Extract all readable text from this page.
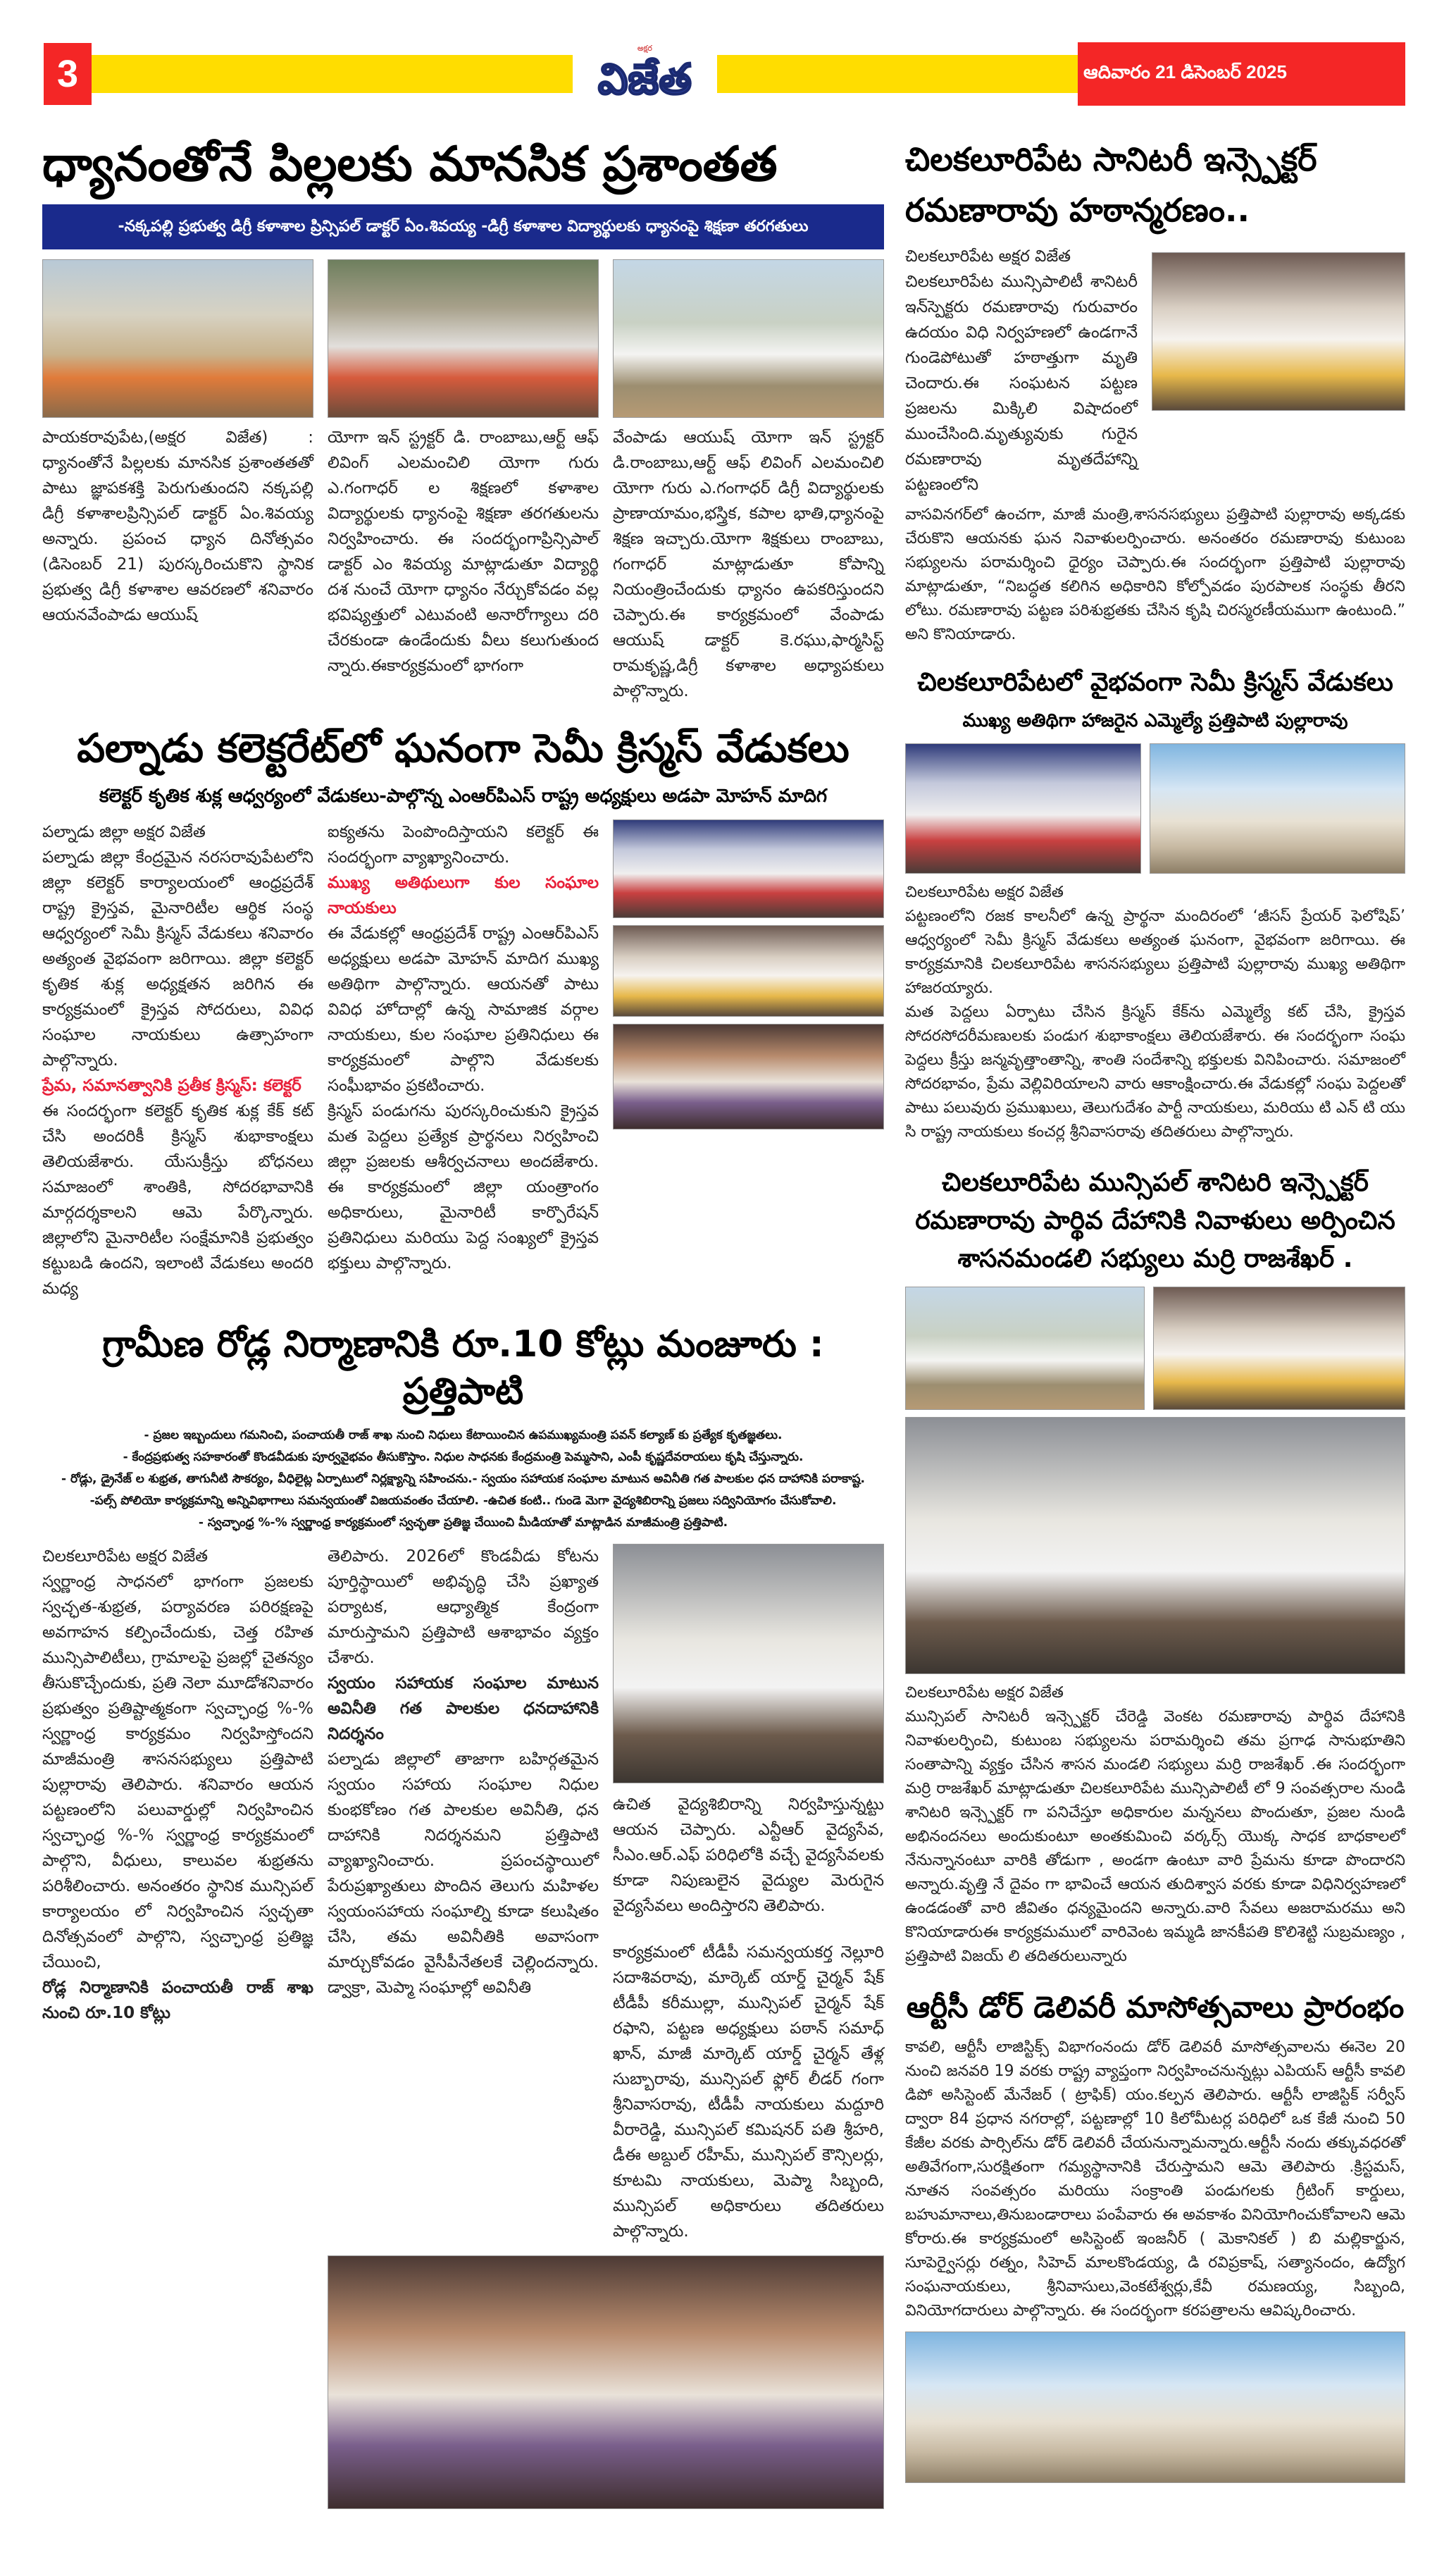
3
అక్షర
విజేత	ఆదివారం 21 డిసెంబర్ 2025
ధ్యానంతోనే పిల్లలకు మానసిక ప్రశాంతత
-నక్కపల్లి ప్రభుత్వ డిగ్రీ కళాశాల ప్రిన్సిపల్ డాక్టర్ ఏం.శివయ్య -డిగ్రీ కళాశాల విద్యార్థులకు ధ్యానంపై శిక్షణా తరగతులు

పాయకరావుపేట,(అక్షర విజేత) : ధ్యానంతోనే పిల్లలకు మానసిక ప్రశాంతతతో పాటు జ్ఞాపకశక్తి పెరుగుతుందని నక్కపల్లి డిగ్రీ కళాశాలప్రిన్సిపల్ డాక్టర్ ఏం.శివయ్య అన్నారు. ప్రపంచ ధ్యాన దినోత్సవం (డిసెంబర్ 21) పురస్కరించుకొని స్థానిక ప్రభుత్వ డిగ్రీ కళాశాల ఆవరణలో శనివారం ఆయనవేంపాడు ఆయుష్

యోగా ఇన్ స్ట్రక్టర్ డి. రాంబాబు,ఆర్ట్ ఆఫ్ లివింగ్ ఎలమంచిలి యోగా గురు ఎ.గంగాధర్ ల శిక్షణలో కళాశాల విద్యార్థులకు ధ్యానంపై శిక్షణా తరగతులను నిర్వహించారు. ఈ సందర్భంగాప్రిన్సిపాల్ డాక్టర్ ఎం శివయ్య మాట్లాడుతూ విద్యార్థి దశ నుంచే యోగా ధ్యానం నేర్చుకోవడం వల్ల భవిష్యత్తులో ఎటువంటి అనారోగ్యాలు దరి చేరకుండా ఉండేందుకు వీలు కలుగుతుంద న్నారు.ఈకార్యక్రమంలో భాగంగా

వేంపాడు ఆయుష్ యోగా ఇన్ స్ట్రక్టర్ డి.రాంబాబు,ఆర్ట్ ఆఫ్ లివింగ్ ఎలమంచిలి యోగా గురు ఎ.గంగాధర్ డిగ్రీ విద్యార్థులకు ప్రాణాయామం,భస్త్రిక, కపాల భాతి,ధ్యానంపై శిక్షణ ఇచ్చారు.యోగా శిక్షకులు రాంబాబు, గంగాధర్ మాట్లాడుతూ కోపాన్ని నియంత్రించేందుకు ధ్యానం ఉపకరిస్తుందని చెప్పారు.ఈ కార్యక్రమంలో వేంపాడు ఆయుష్ డాక్టర్ కె.రఘు,ఫార్మసిస్ట్ రామకృష్ణ,డిగ్రీ కళాశాల అధ్యాపకులు పాల్గొన్నారు.

పల్నాడు కలెక్టరేట్‌లో ఘనంగా సెమీ క్రిస్మస్ వేడుకలు
కలెక్టర్ కృతిక శుక్ల ఆధ్వర్యంలో వేడుకలు-పాల్గొన్న ఎంఆర్‌పిఎస్ రాష్ట్ర అధ్యక్షులు అడపా మోహన్ మాదిగ

పల్నాడు జిల్లా అక్షర విజేత

పల్నాడు జిల్లా కేంద్రమైన నరసరావుపేటలోని జిల్లా కలెక్టర్ కార్యాలయంలో ఆంధ్రప్రదేశ్ రాష్ట్ర క్రైస్తవ, మైనారిటీల ఆర్థిక సంస్థ ఆధ్వర్యంలో సెమీ క్రిస్మస్ వేడుకలు శనివారం అత్యంత వైభవంగా జరిగాయి. జిల్లా కలెక్టర్ కృతిక శుక్ల అధ్యక్షతన జరిగిన ఈ కార్యక్రమంలో క్రైస్తవ సోదరులు, వివిధ సంఘాల నాయకులు ఉత్సాహంగా పాల్గొన్నారు.

ప్రేమ, సమానత్వానికి ప్రతీక క్రిస్మస్: కలెక్టర్

ఈ సందర్భంగా కలెక్టర్ కృతిక శుక్ల కేక్ కట్ చేసి అందరికీ క్రిస్మస్ శుభాకాంక్షలు తెలియజేశారు. యేసుక్రీస్తు బోధనలు సమాజంలో శాంతికి, సోదరభావానికి మార్గదర్శకాలని ఆమె పేర్కొన్నారు. జిల్లాలోని మైనారిటీల సంక్షేమానికి ప్రభుత్వం కట్టుబడి ఉందని, ఇలాంటి వేడుకలు అందరి మధ్య

ఐక్యతను పెంపొందిస్తాయని కలెక్టర్ ఈ సందర్భంగా వ్యాఖ్యానించారు.

ముఖ్య అతిథులుగా కుల సంఘాల నాయకులు

ఈ వేడుకల్లో ఆంధ్రప్రదేశ్ రాష్ట్ర ఎంఆర్‌పిఎస్ అధ్యక్షులు అడపా మోహన్ మాదిగ ముఖ్య అతిథిగా పాల్గొన్నారు. ఆయనతో పాటు వివిధ హోదాల్లో ఉన్న సామాజిక వర్గాల నాయకులు, కుల సంఘాల ప్రతినిధులు ఈ కార్యక్రమంలో పాల్గొని వేడుకలకు సంఘీభావం ప్రకటించారు.

క్రిస్మస్ పండుగను పురస్కరించుకుని క్రైస్తవ మత పెద్దలు ప్రత్యేక ప్రార్థనలు నిర్వహించి జిల్లా ప్రజలకు ఆశీర్వచనాలు అందజేశారు. ఈ కార్యక్రమంలో జిల్లా యంత్రాంగం అధికారులు, మైనారిటీ కార్పొరేషన్ ప్రతినిధులు మరియు పెద్ద సంఖ్యలో క్రైస్తవ భక్తులు పాల్గొన్నారు.

గ్రామీణ రోడ్ల నిర్మాణానికి రూ.10 కోట్లు మంజూరు : ప్రత్తిపాటి
- ప్రజల ఇబ్బందులు గమనించి, పంచాయతీ రాజ్ శాఖ నుంచి నిధులు కేటాయించిన ఉపముఖ్యమంత్రి పవన్ కల్యాణ్ కు ప్రత్యేక కృతజ్ఞతలు.
- కేంద్రప్రభుత్వ సహకారంతో కొండవీడుకు పూర్వవైభవం తీసుకొస్తాం. నిధుల సాధనకు కేంద్రమంత్రి పెమ్మసాని, ఎంపీ కృష్ణదేవరాయలు కృషి చేస్తున్నారు.
- రోడ్లు, డ్రైనేజ్ ల శుభ్రత, తాగునీటి సౌకర్యం, వీధిలైట్ల ఏర్పాటులో నిర్లక్ష్యాన్ని సహించను.- స్వయం సహాయక సంఘాల మాటున అవినీతి గత పాలకుల ధన దాహానికి పరాకాష్ట.
-పల్స్ పోలియో కార్యక్రమాన్ని అన్నివిభాగాలు సమన్వయంతో విజయవంతం చేయాలి. -ఉచిత కంటి.. గుండె మెగా వైద్యశిబిరాన్ని ప్రజలు సద్వినియోగం చేసుకోవాలి.
- స్వచ్ఛాంధ్ర %-% స్వర్ణాంధ్ర కార్యక్రమంలో స్వచ్ఛతా ప్రతిజ్ఞ చేయించి మీడియాతో మాట్లాడిన మాజీమంత్రి ప్రత్తిపాటి.

చిలకలూరిపేట అక్షర విజేత

స్వర్ణాంధ్ర సాధనలో భాగంగా ప్రజలకు స్వచ్ఛత-శుభ్రత, పర్యావరణ పరిరక్షణపై అవగాహన కల్పించేందుకు, చెత్త రహిత మున్సిపాలిటీలు, గ్రామాలపై ప్రజల్లో చైతన్యం తీసుకొచ్చేందుకు, ప్రతి నెలా మూడోశనివారం ప్రభుత్వం ప్రతిష్టాత్మకంగా స్వచ్ఛాంధ్ర %-% స్వర్ణాంధ్ర కార్యక్రమం నిర్వహిస్తోందని మాజీమంత్రి శాసనసభ్యులు ప్రత్తిపాటి పుల్లారావు తెలిపారు. శనివారం ఆయన పట్టణంలోని పలువార్డుల్లో నిర్వహించిన స్వచ్ఛాంధ్ర %-% స్వర్ణాంధ్ర కార్యక్రమంలో పాల్గొని, వీధులు, కాలువల శుభ్రతను పరిశీలించారు. అనంతరం స్థానిక మున్సిపల్ కార్యాలయం లో నిర్వహించిన స్వచ్ఛతా దినోత్సవంలో పాల్గొని, స్వచ్ఛాంధ్ర ప్రతిజ్ఞ చేయించి,

రోడ్ల నిర్మాణానికి పంచాయతీ రాజ్ శాఖ నుంచి రూ.10 కోట్లు

తెలిపారు. 2026లో కొండవీడు కోటను పూర్తిస్థాయిలో అభివృద్ధి చేసి ప్రఖ్యాత పర్యాటక, ఆధ్యాత్మిక కేంద్రంగా మారుస్తామని ప్రత్తిపాటి ఆశాభావం వ్యక్తం చేశారు.

స్వయం సహాయక సంఘాల మాటున అవినీతి గత పాలకుల ధనదాహానికి నిదర్శనం

పల్నాడు జిల్లాలో తాజాగా బహిర్గతమైన స్వయం సహాయ సంఘాల నిధుల కుంభకోణం గత పాలకుల అవినీతి, ధన దాహానికి నిదర్శనమని ప్రత్తిపాటి వ్యాఖ్యానించారు. ప్రపంచస్థాయిలో పేరుప్రఖ్యాతులు పొందిన తెలుగు మహిళల స్వయంసహాయ సంఘాల్ని కూడా కలుషితం చేసి, తమ అవినీతికి అవాసంగా మార్చుకోవడం వైసీపీనేతలకే చెల్లిందన్నారు. డ్వాక్రా, మెప్మా సంఘాల్లో అవినీతి

ఉచిత వైద్యశిబిరాన్ని నిర్వహిస్తున్నట్టు ఆయన చెప్పారు. ఎన్టీఆర్ వైద్యసేవ, సీఎం.ఆర్.ఎఫ్ పరిధిలోకి వచ్చే వైద్యసేవలకు కూడా నిపుణులైన వైద్యుల మెరుగైన వైద్యసేవలు అందిస్తారని తెలిపారు.

కార్యక్రమంలో టీడీపీ సమన్వయకర్త నెల్లూరి సదాశివరావు, మార్కెట్ యార్డ్ చైర్మన్ షేక్ టీడీపీ కరీముల్లా, మున్సిపల్ చైర్మన్ షేక్ రఫాని, పట్టణ అధ్యక్షులు పఠాన్ సమాధ్ ఖాన్, మాజీ మార్కెట్ యార్డ్ చైర్మన్ తేళ్ల సుబ్బారావు, మున్సిపల్ ఫ్లోర్ లీడర్ గంగా శ్రీనివాసరావు, టీడీపీ నాయకులు మద్దూరి వీరారెడ్డి, మున్సిపల్ కమిషనర్ పతి శ్రీహరి, డీఈ అబ్దుల్ రహీమ్, మున్సిపల్ కౌన్సిలర్లు, కూటమి నాయకులు, మెప్మా సిబ్బంది, మున్సిపల్ అధికారులు తదితరులు పాల్గొన్నారు.

చిలకలూరిపేట సానిటరీ ఇన్స్పెక్టర్ రమణారావు హఠాన్మరణం..

చిలకలూరిపేట అక్షర విజేత

చిలకలూరిపేట మున్సిపాలిటీ శానిటరీ ఇన్‌స్పెక్టరు రమణారావు గురువారం ఉదయం విధి నిర్వహణలో ఉండగానే గుండెపోటుతో హఠాత్తుగా మృతి చెందారు.ఈ సంఘటన పట్టణ ప్రజలను మిక్కిలి విషాదంలో ముంచేసింది.మృత్యువుకు గురైన రమణారావు మృతదేహాన్ని పట్టణంలోని

వాసవినగర్‌లో ఉంచగా, మాజీ మంత్రి,శాసనసభ్యులు ప్రత్తిపాటి పుల్లారావు అక్కడకు చేరుకొని ఆయనకు ఘన నివాళులర్పించారు. అనంతరం రమణారావు కుటుంబ సభ్యులను పరామర్శించి ధైర్యం చెప్పారు.ఈ సందర్భంగా ప్రత్తిపాటి పుల్లారావు మాట్లాడుతూ, “నిబద్ధత కలిగిన అధికారిని కోల్పోవడం పురపాలక సంస్థకు తీరని లోటు. రమణారావు పట్టణ పరిశుభ్రతకు చేసిన కృషి చిరస్మరణీయముగా ఉంటుంది.” అని కొనియాడారు.

చిలకలూరిపేటలో వైభవంగా సెమీ క్రిస్మస్ వేడుకలు
ముఖ్య అతిథిగా హాజరైన ఎమ్మెల్యే ప్రత్తిపాటి పుల్లారావు

చిలకలూరిపేట అక్షర విజేత

పట్టణంలోని రజక కాలనీలో ఉన్న ప్రార్థనా మందిరంలో ‘జీసస్ ప్రేయర్ ఫెలోషిప్’ ఆధ్వర్యంలో సెమీ క్రిస్మస్ వేడుకలు అత్యంత ఘనంగా, వైభవంగా జరిగాయి. ఈ కార్యక్రమానికి చిలకలూరిపేట శాసనసభ్యులు ప్రత్తిపాటి పుల్లారావు ముఖ్య అతిథిగా హాజరయ్యారు.

మత పెద్దలు ఏర్పాటు చేసిన క్రిస్మస్ కేక్‌ను ఎమ్మెల్యే కట్ చేసి, క్రైస్తవ సోదరసోదరీమణులకు పండుగ శుభాకాంక్షలు తెలియజేశారు. ఈ సందర్భంగా సంఘ పెద్దలు క్రీస్తు జన్మవృత్తాంతాన్ని, శాంతి సందేశాన్ని భక్తులకు వినిపించారు. సమాజంలో సోదరభావం, ప్రేమ వెల్లివిరియాలని వారు ఆకాంక్షించారు.ఈ వేడుకల్లో సంఘ పెద్దలతో పాటు పలువురు ప్రముఖులు, తెలుగుదేశం పార్టీ నాయకులు, మరియు టి ఎన్ టి యు సి రాష్ట్ర నాయకులు కంచర్ల శ్రీనివాసరావు తదితరులు పాల్గొన్నారు.

చిలకలూరిపేట మున్సిపల్ శానిటరి ఇన్స్పెక్టర్ రమణారావు పార్థివ దేహానికి నివాళులు అర్పించిన శాసనమండలి సభ్యులు మర్రి రాజశేఖర్ .

చిలకలూరిపేట అక్షర విజేత

మున్సిపల్ సానిటరీ ఇన్స్పెక్టర్ చేరెడ్డి వెంకట రమణారావు పార్థివ దేహానికి నివాళులర్పించి, కుటుంబ సభ్యులను పరామర్శించి తమ ప్రగాఢ సానుభూతిని సంతాపాన్ని వ్యక్తం చేసిన శాసన మండలి సభ్యులు మర్రి రాజశేఖర్ .ఈ సందర్భంగా మర్రి రాజశేఖర్ మాట్లాడుతూ చిలకలూరిపేట మున్సిపాలిటీ లో 9 సంవత్సరాల నుండి శానిటరి ఇన్స్పెక్టర్ గా పనిచేస్తూ అధికారుల మన్ననలు పొందుతూ, ప్రజల నుండి అభినందనలు అందుకుంటూ అంతకుమించి వర్కర్స్ యొక్క సాధక బాధకాలలో నేనున్నానంటూ వారికి తోడుగా , అండగా ఉంటూ వారి ప్రేమను కూడా పొందారని అన్నారు.వృత్తి నే దైవం గా భావించే ఆయన తుదిశ్వాస వరకు కూడా విధినిర్వహణలో ఉండడంతో వారి జీవితం ధన్యమైందని అన్నారు.వారి సేవలు అజరామరము అని కొనియాడారుఈ కార్యక్రమములో వారివెంట ఇమ్మడి జానకీపతి కొలిశెట్టి సుబ్రమణ్యం , ప్రత్తిపాటి విజయ్ లి తదితరులున్నారు

ఆర్టీసీ డోర్ డెలివరీ మాసోత్సవాలు ప్రారంభం

కావలి, ఆర్టీసీ లాజిస్టిక్స్ విభాగంనందు డోర్ డెలివరీ మాసోత్సవాలను ఈనెల 20 నుంచి జనవరి 19 వరకు రాష్ట్ర వ్యాప్తంగా నిర్వహించనున్నట్లు ఎపియస్ ఆర్టీసీ కావలి డిపో అసిస్టెంట్ మేనేజర్ ( ట్రాఫిక్) యం.కల్పన తెలిపారు. ఆర్టీసీ లాజిస్టిక్ సర్వీస్ ద్వారా 84 ప్రధాన నగరాల్లో, పట్టణాల్లో 10 కిలోమీటర్ల పరిధిలో ఒక కేజీ నుంచి 50 కేజీల వరకు పార్సిల్‌ను డోర్ డెలివరీ చేయనున్నామన్నారు.ఆర్టీసీ నందు తక్కువధరతో అతివేగంగా,సురక్షితంగా గమ్యస్థానానికి చేరుస్తామని ఆమె తెలిపారు .క్రిస్టమస్, నూతన సంవత్సరం మరియు సంక్రాంతి పండుగలకు గ్రీటింగ్ కార్డులు, బహుమానాలు,తినుబండారాలు పంపేవారు ఈ అవకాశం వినియోగించుకోవాలని ఆమె కోరారు.ఈ కార్యక్రమంలో అసిస్టెంట్ ఇంజనీర్ ( మెకానికల్ ) బి మల్లికార్జున, సూపెర్వైసర్లు రత్నం, సిహెచ్ మాలకొండయ్య, డి రవిప్రకాష్, సత్యానందం, ఉద్యోగ సంఘనాయకులు, శ్రీనివాసులు,వెంకటేశ్వర్లు,కేవీ రమణయ్య, సిబ్బంది, వినియోగదారులు పాల్గొన్నారు. ఈ సందర్భంగా కరపత్రాలను ఆవిష్కరించారు.
